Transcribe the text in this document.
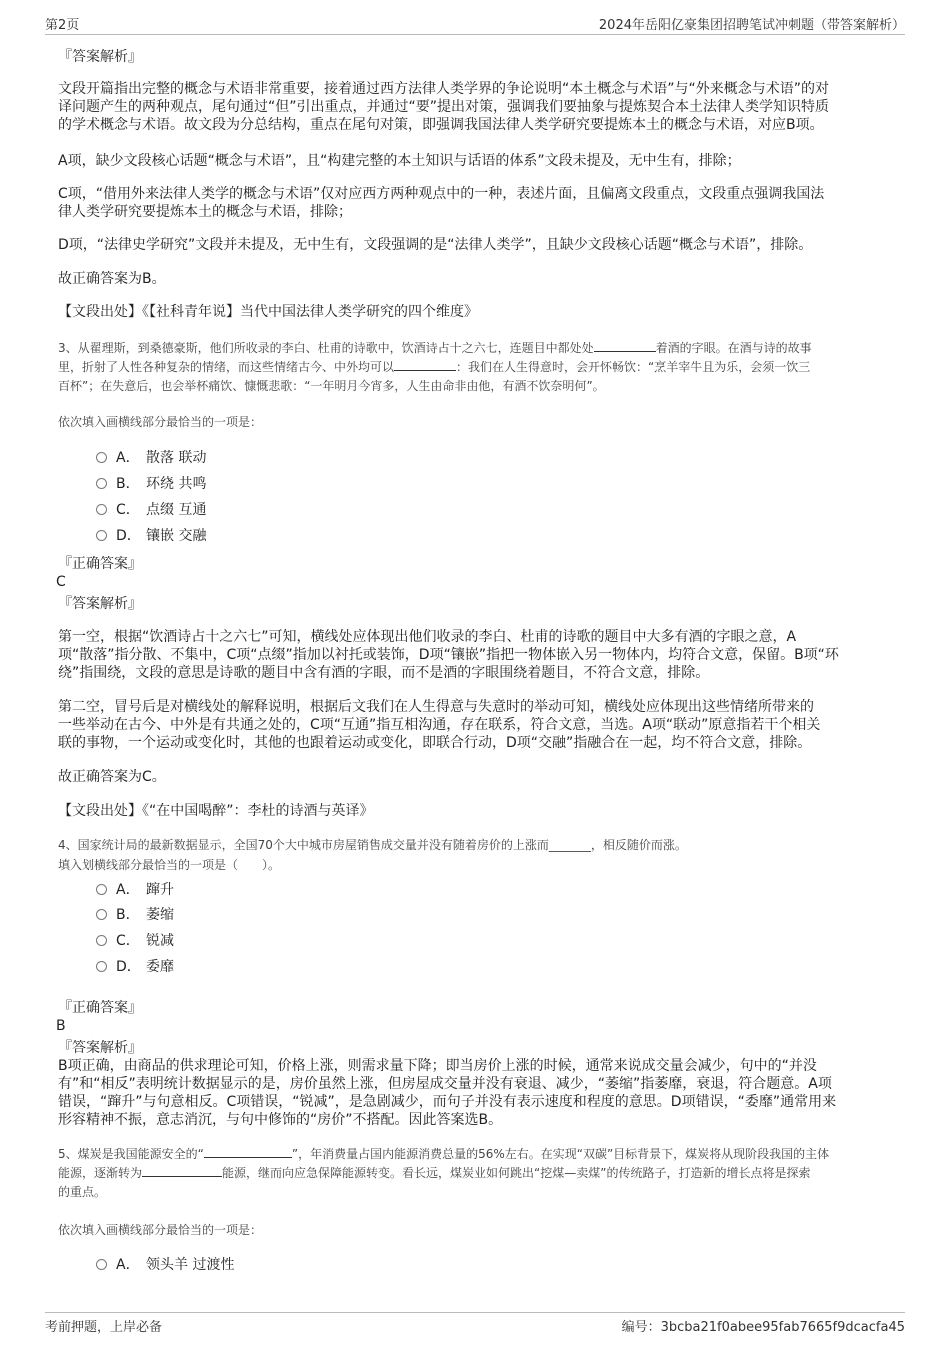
第2页	2024年岳阳亿豪集团招聘笔试冲刺题（带答案解析）
『答案解析』
文段开篇指出完整的概念与术语非常重要，接着通过西方法律人类学界的争论说明“本土概念与术语”与“外来概念与术语”的对
译问题产生的两种观点，尾句通过“但”引出重点，并通过“要”提出对策，强调我们要抽象与提炼契合本土法律人类学知识特质
的学术概念与术语。故文段为分总结构，重点在尾句对策，即强调我国法律人类学研究要提炼本土的概念与术语，对应B项。
A项，缺少文段核心话题“概念与术语”，且“构建完整的本土知识与话语的体系”文段未提及，无中生有，排除；
C项，“借用外来法律人类学的概念与术语”仅对应西方两种观点中的一种，表述片面，且偏离文段重点，文段重点强调我国法
律人类学研究要提炼本土的概念与术语，排除；
D项，“法律史学研究”文段并未提及，无中生有，文段强调的是“法律人类学”，且缺少文段核心话题“概念与术语”，排除。
故正确答案为B。
【文段出处】《【社科青年说】当代中国法律人类学研究的四个维度》
3、从翟理斯，到桑德豪斯，他们所收录的李白、杜甫的诗歌中，饮酒诗占十之六七，连题目中都处处	着酒的字眼。在酒与诗的故事
里，折射了人性各种复杂的情绪，而这些情绪古今、中外均可以	：我们在人生得意时，会开怀畅饮：“烹羊宰牛且为乐，会须一饮三
百杯”；在失意后，也会举杯痛饮、慷慨悲歌：“一年明月今宵多，人生由命非由他，有酒不饮奈明何”。
依次填入画横线部分最恰当的一项是：
A． 散落 联动
B． 环绕 共鸣
C． 点缀 互通
D． 镶嵌 交融
『正确答案』
C
『答案解析』
第一空，根据“饮酒诗占十之六七”可知，横线处应体现出他们收录的李白、杜甫的诗歌的题目中大多有酒的字眼之意，A
项“散落”指分散、不集中，C项“点缀”指加以衬托或装饰，D项“镶嵌”指把一物体嵌入另一物体内，均符合文意，保留。B项“环
绕”指围绕，文段的意思是诗歌的题目中含有酒的字眼，而不是酒的字眼围绕着题目，不符合文意，排除。
第二空，冒号后是对横线处的解释说明，根据后文我们在人生得意与失意时的举动可知，横线处应体现出这些情绪所带来的
一些举动在古今、中外是有共通之处的，C项“互通”指互相沟通，存在联系，符合文意，当选。A项“联动”原意指若干个相关
联的事物，一个运动或变化时，其他的也跟着运动或变化，即联合行动，D项“交融”指融合在一起，均不符合文意，排除。
故正确答案为C。
【文段出处】《“在中国喝醉”：李杜的诗酒与英译》
4、国家统计局的最新数据显示，全国70个大中城市房屋销售成交量并没有随着房价的上涨而_______，相反随价而涨。
填入划横线部分最恰当的一项是（　　）。
A． 蹿升
B． 萎缩
C． 锐减
D． 委靡
『正确答案』
B
『答案解析』
B项正确，由商品的供求理论可知，价格上涨，则需求量下降；即当房价上涨的时候，通常来说成交量会减少，句中的“并没
有”和“相反”表明统计数据显示的是，房价虽然上涨，但房屋成交量并没有衰退、减少，“萎缩”指萎靡，衰退，符合题意。A项
错误，“蹿升”与句意相反。C项错误，“锐减”，是急剧减少，而句子并没有表示速度和程度的意思。D项错误，“委靡”通常用来
形容精神不振，意志消沉，与句中修饰的“房价”不搭配。因此答案选B。
5、煤炭是我国能源安全的“	”，年消费量占国内能源消费总量的56%左右。在实现“双碳”目标背景下，煤炭将从现阶段我国的主体
能源，逐渐转为	能源，继而向应急保障能源转变。看长远，煤炭业如何跳出“挖煤—卖煤”的传统路子，打造新的增长点将是探索
的重点。
依次填入画横线部分最恰当的一项是：
A． 领头羊 过渡性
考前押题，上岸必备	编号：3bcba21f0abee95fab7665f9dcacfa45
